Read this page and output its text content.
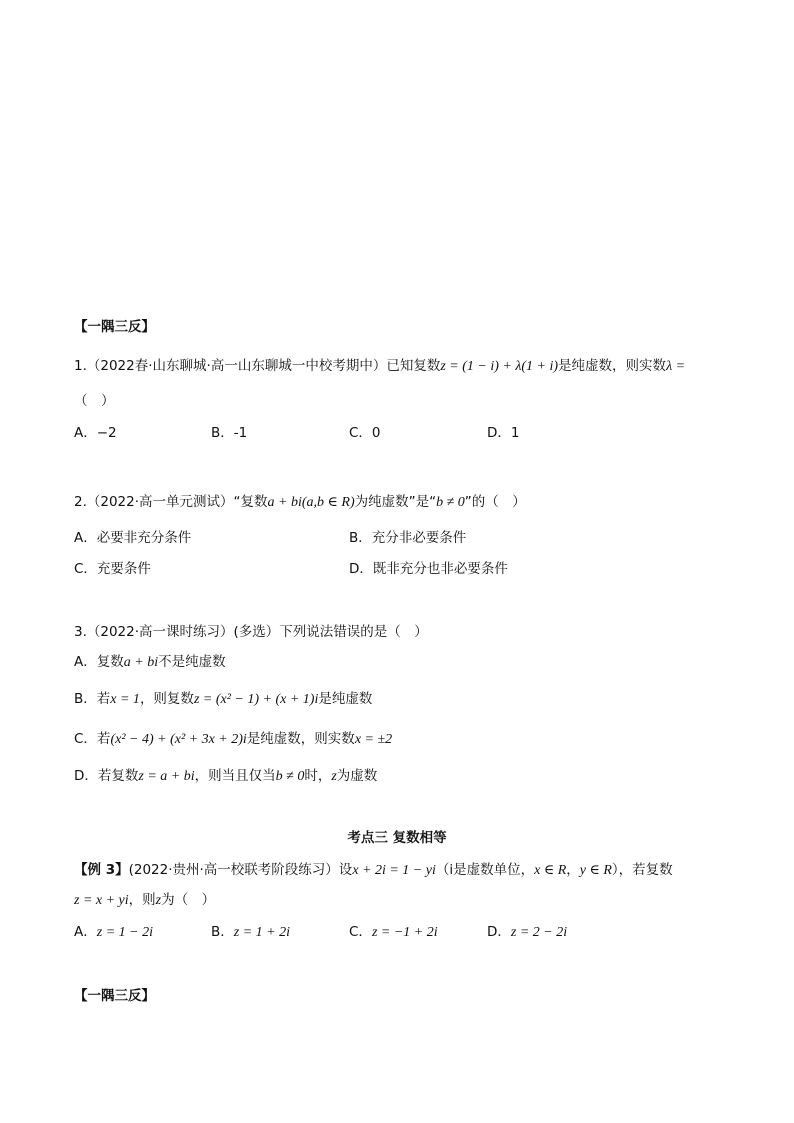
【一隅三反】
1.（2022春·山东聊城·高一山东聊城一中校考期中）已知复数z = (1 − i) + λ(1 + i)是纯虚数，则实数λ =
（　）
A．−2	B．-1	C．0	D．1
2.（2022·高一单元测试）“复数a + bi(a,b ∈ R)为纯虚数”是“b ≠ 0”的（　）
A．必要非充分条件	B．充分非必要条件
C．充要条件	D．既非充分也非必要条件
3.（2022·高一课时练习）(多选）下列说法错误的是（　）
A．复数a + bi不是纯虚数
B．若x = 1，则复数z = (x² − 1) + (x + 1)i是纯虚数
C．若(x² − 4) + (x² + 3x + 2)i是纯虚数，则实数x = ±2
D．若复数z = a + bi，则当且仅当b ≠ 0时，z为虚数
考点三 复数相等
【例 3】(2022·贵州·高一校联考阶段练习）设x + 2i = 1 − yi（i是虚数单位，x ∈ R，y ∈ R），若复数
z = x + yi，则z为（　）
A．z = 1 − 2i	B．z = 1 + 2i	C．z = −1 + 2i	D．z = 2 − 2i
【一隅三反】
